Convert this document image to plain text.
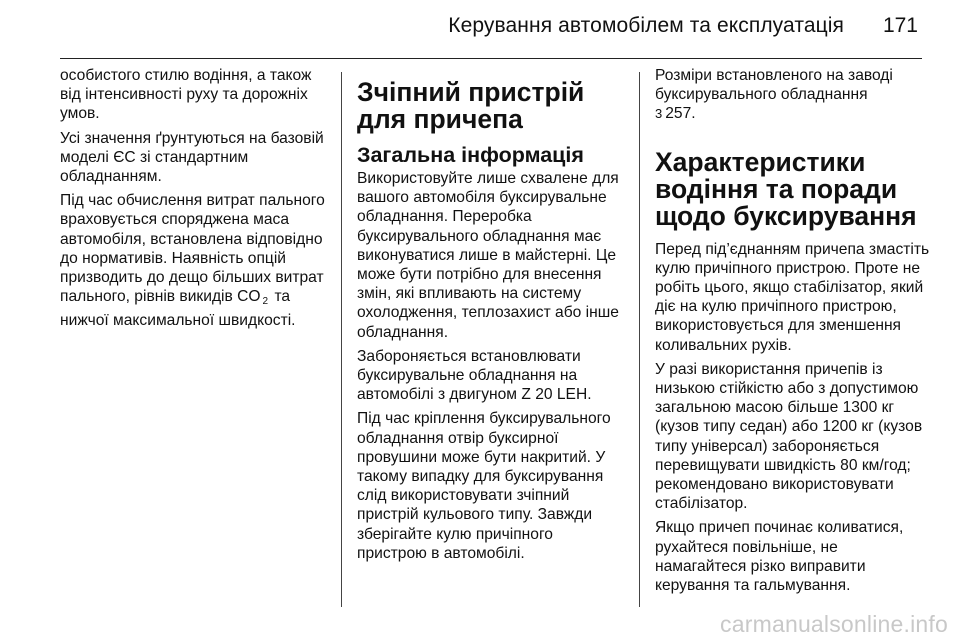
Керування автомобілем та експлуатація 171

особистого стилю водіння, а також від інтенсивності руху та дорожніх умов.

Усі значення ґрунтуються на базовій моделі ЄС зі стандартним обладнанням.

Під час обчислення витрат пального враховується споряджена маса автомобіля, встановлена відповідно до нормативів. Наявність опцій призводить до дещо більших витрат пального, рівнів викидів CO $_2$ та нижчої максимальної швидкості.

Зчіпний пристрій для причепа
Загальна інформація

Використовуйте лише схвалене для вашого автомобіля буксирувальне обладнання. Переробка буксирувального обладнання має виконуватися лише в майстерні. Це може бути потрібно для внесення змін, які впливають на систему охолодження, теплозахист або інше обладнання.

Забороняється встановлювати буксирувальне обладнання на автомобілі з двигуном Z 20 LEH.

Під час кріплення буксирувального обладнання отвір буксирної провушини може бути накритий. У такому випадку для буксирування слід використовувати зчіпний пристрій кульового типу. Завжди зберігайте кулю причіпного пристрою в автомобілі.

Розміри встановленого на заводі буксирувального обладнання
3 257.

Характеристики водіння та поради щодо буксирування

Перед під’єднанням причепа змастіть кулю причіпного пристрою. Проте не робіть цього, якщо стабілізатор, який діє на кулю причіпного пристрою, використовується для зменшення коливальних рухів.

У разі використання причепів із низькою стійкістю або з допустимою загальною масою більше 1300 кг (кузов типу седан) або 1200 кг (кузов типу універсал) забороняється перевищувати швидкість 80 км/год; рекомендовано використовувати стабілізатор.

Якщо причеп починає коливатися, рухайтеся повільніше, не намагайтеся різко виправити керування та гальмування.

carmanualsonline.info
